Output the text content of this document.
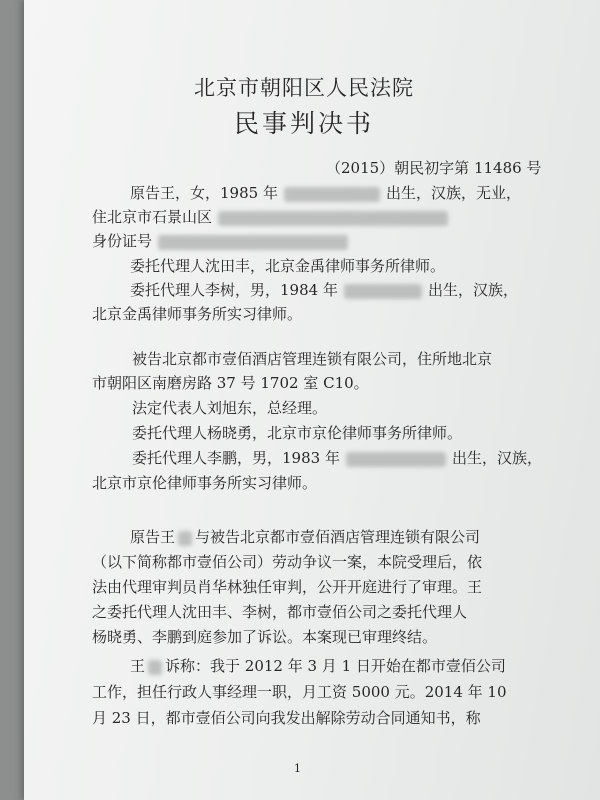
北京市朝阳区人民法院
民事判决书
（2015）朝民初字第 11486 号
原告王，女，1985 年	出生，汉族，无业，
住北京市石景山区
身份证号
委托代理人沈田丰，北京金禹律师事务所律师。
委托代理人李树，男，1984 年	出生，汉族，
北京金禹律师事务所实习律师。
被告北京都市壹佰酒店管理连锁有限公司，住所地北京
市朝阳区南磨房路 37 号 1702 室 C10。
法定代表人刘旭东，总经理。
委托代理人杨晓勇，北京市京伦律师事务所律师。
委托代理人李鹏，男，1983 年	出生，汉族，
北京市京伦律师事务所实习律师。
原告王 与被告北京都市壹佰酒店管理连锁有限公司
（以下简称都市壹佰公司）劳动争议一案，本院受理后，依
法由代理审判员肖华林独任审判，公开开庭进行了审理。王
之委托代理人沈田丰、李树，都市壹佰公司之委托代理人
杨晓勇、李鹏到庭参加了诉讼。本案现已审理终结。
王 诉称：我于 2012 年 3 月 1 日开始在都市壹佰公司
工作，担任行政人事经理一职，月工资 5000 元。2014 年 10
月 23 日，都市壹佰公司向我发出解除劳动合同通知书，称
1
